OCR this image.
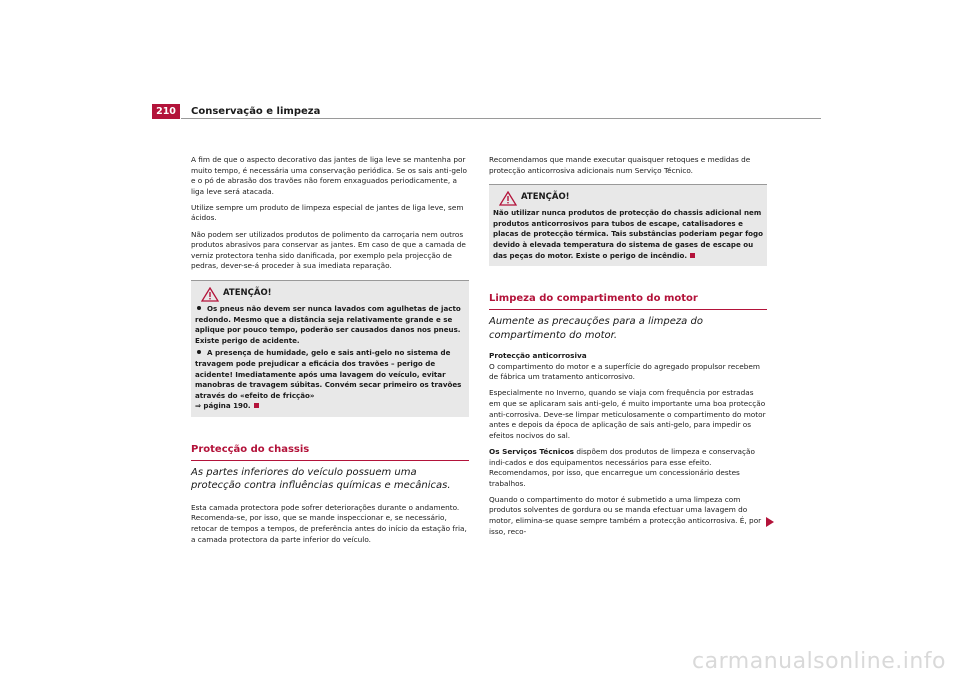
210	Conservação e limpeza

A fim de que o aspecto decorativo das jantes de liga leve se mantenha por muito tempo, é necessária uma conservação periódica. Se os sais anti-gelo e o pó de abrasão dos travões não forem enxaguados periodicamente, a liga leve será atacada.

Utilize sempre um produto de limpeza especial de jantes de liga leve, sem ácidos.

Não podem ser utilizados produtos de polimento da carroçaria nem outros produtos abrasivos para conservar as jantes. Em caso de que a camada de verniz protectora tenha sido danificada, por exemplo pela projecção de pedras, dever-se-á proceder à sua imediata reparação.

ATENÇÃO!
Os pneus não devem ser nunca lavados com agulhetas de jacto redondo. Mesmo que a distância seja relativamente grande e se aplique por pouco tempo, poderão ser causados danos nos pneus. Existe perigo de acidente.
A presença de humidade, gelo e sais anti-gelo no sistema de travagem pode prejudicar a eficácia dos travões – perigo de acidente! Imediatamente após uma lavagem do veículo, evitar manobras de travagem súbitas. Convém secar primeiro os travões através do «efeito de fricção»
⇒ página 190.
Protecção do chassis
As partes inferiores do veículo possuem uma protecção contra influências químicas e mecânicas.

Esta camada protectora pode sofrer deteriorações durante o andamento. Recomenda-se, por isso, que se mande inspeccionar e, se necessário, retocar de tempos a tempos, de preferência antes do início da estação fria, a camada protectora da parte inferior do veículo.

Recomendamos que mande executar quaisquer retoques e medidas de protecção anticorrosiva adicionais num Serviço Técnico.

ATENÇÃO!

Não utilizar nunca produtos de protecção do chassis adicional nem produtos anticorrosivos para tubos de escape, catalisadores e placas de protecção térmica. Tais substâncias poderiam pegar fogo devido à elevada temperatura do sistema de gases de escape ou das peças do motor. Existe o perigo de incêndio.

Limpeza do compartimento do motor
Aumente as precauções para a limpeza do compartimento do motor.
Protecção anticorrosiva

O compartimento do motor e a superfície do agregado propulsor recebem de fábrica um tratamento anticorrosivo.

Especialmente no Inverno, quando se viaja com frequência por estradas em que se aplicaram sais anti-gelo, é muito importante uma boa protecção anti-corrosiva. Deve-se limpar meticulosamente o compartimento do motor antes e depois da época de aplicação de sais anti-gelo, para impedir os efeitos nocivos do sal.

Os Serviços Técnicos dispõem dos produtos de limpeza e conservação indi-cados e dos equipamentos necessários para esse efeito. Recomendamos, por isso, que encarregue um concessionário destes trabalhos.

Quando o compartimento do motor é submetido a uma limpeza com produtos solventes de gordura ou se manda efectuar uma lavagem do motor, elimina-se quase sempre também a protecção anticorrosiva. É, por isso, reco-

carmanualsonline.info
